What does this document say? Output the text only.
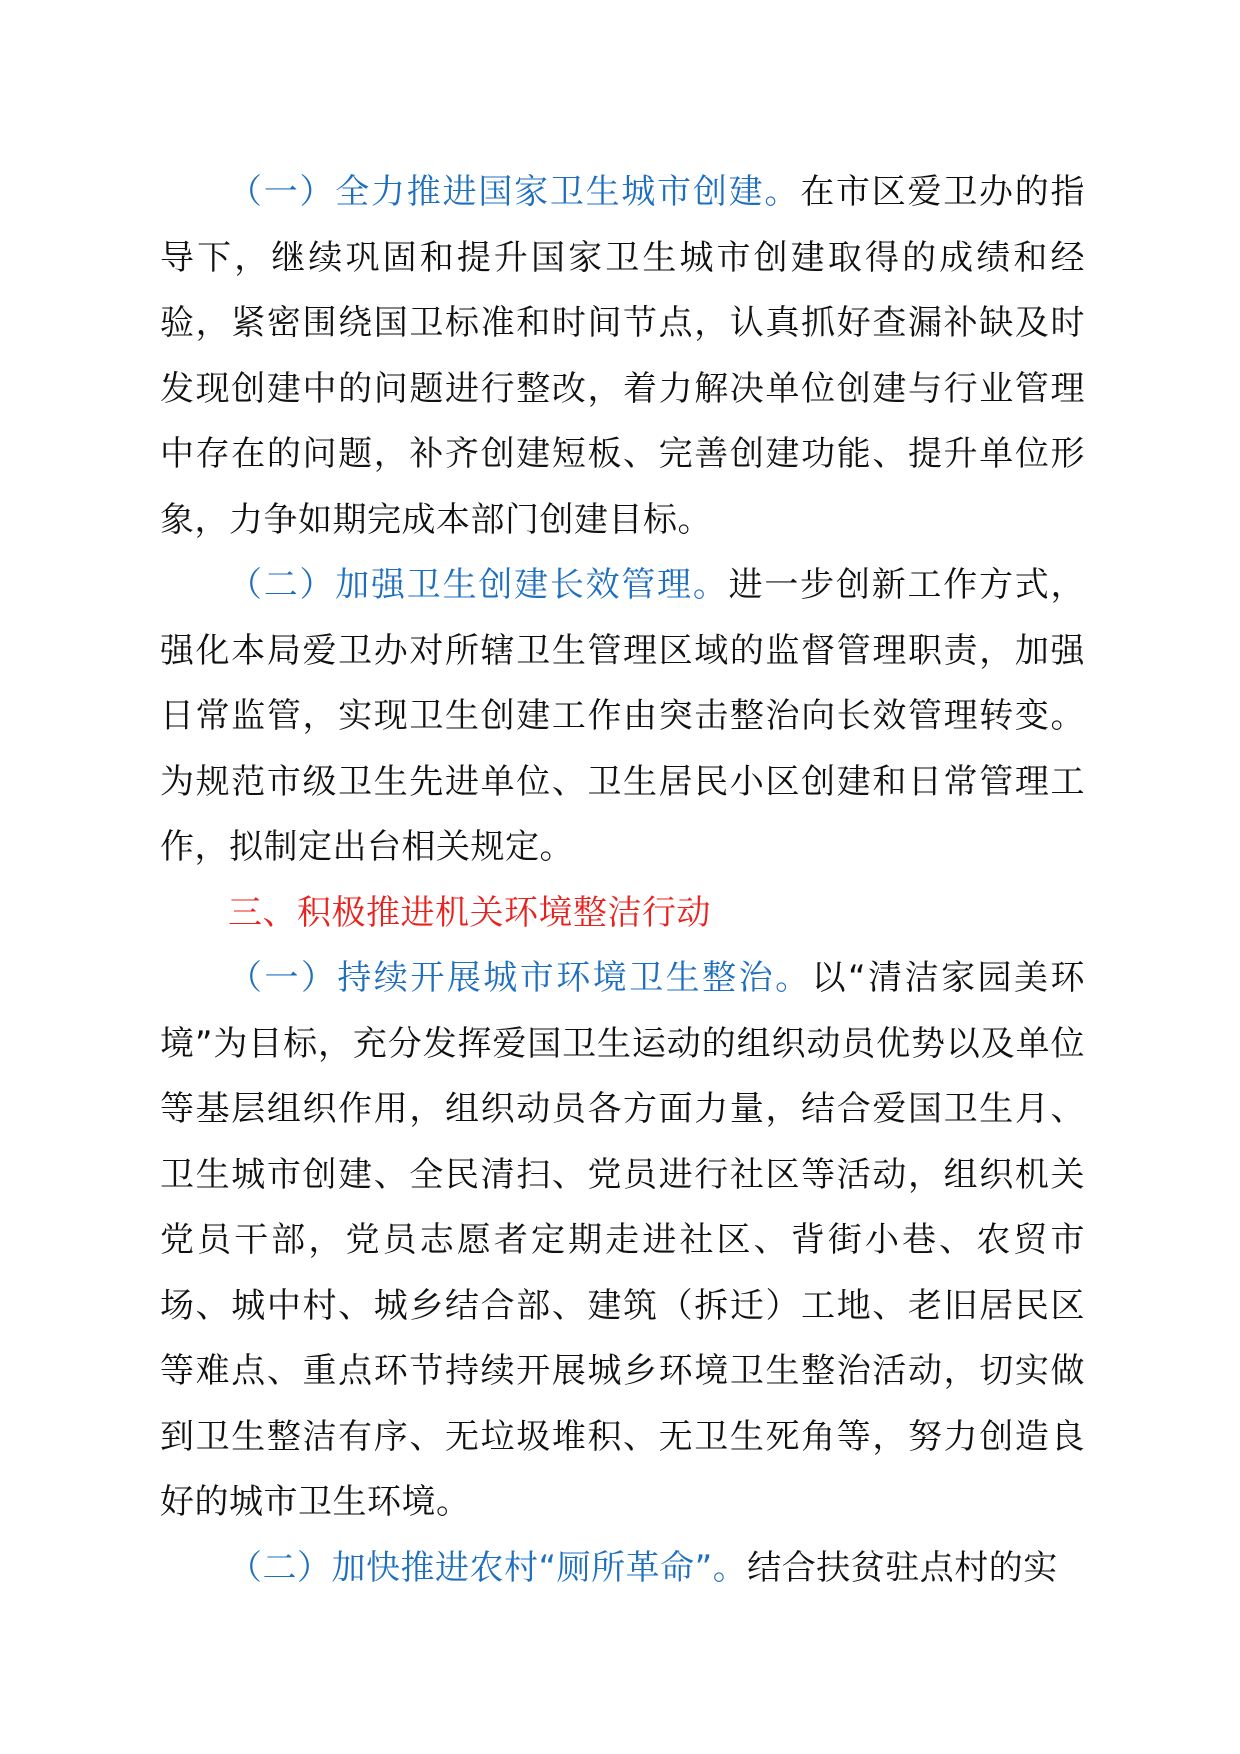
（一）全力推进国家卫生城市创建。在市区爱卫办的指导下，继续巩固和提升国家卫生城市创建取得的成绩和经验，紧密围绕国卫标准和时间节点，认真抓好查漏补缺及时发现创建中的问题进行整改，着力解决单位创建与行业管理中存在的问题，补齐创建短板、完善创建功能、提升单位形象，力争如期完成本部门创建目标。

（二）加强卫生创建长效管理。进一步创新工作方式，强化本局爱卫办对所辖卫生管理区域的监督管理职责，加强日常监管，实现卫生创建工作由突击整治向长效管理转变。为规范市级卫生先进单位、卫生居民小区创建和日常管理工作，拟制定出台相关规定。

三、积极推进机关环境整洁行动

（一）持续开展城市环境卫生整治。以“清洁家园美环境”为目标，充分发挥爱国卫生运动的组织动员优势以及单位等基层组织作用，组织动员各方面力量，结合爱国卫生月、卫生城市创建、全民清扫、党员进行社区等活动，组织机关党员干部，党员志愿者定期走进社区、背街小巷、农贸市场、城中村、城乡结合部、建筑（拆迁）工地、老旧居民区等难点、重点环节持续开展城乡环境卫生整治活动，切实做到卫生整洁有序、无垃圾堆积、无卫生死角等，努力创造良好的城市卫生环境。

（二）加快推进农村“厕所革命”。结合扶贫驻点村的实
